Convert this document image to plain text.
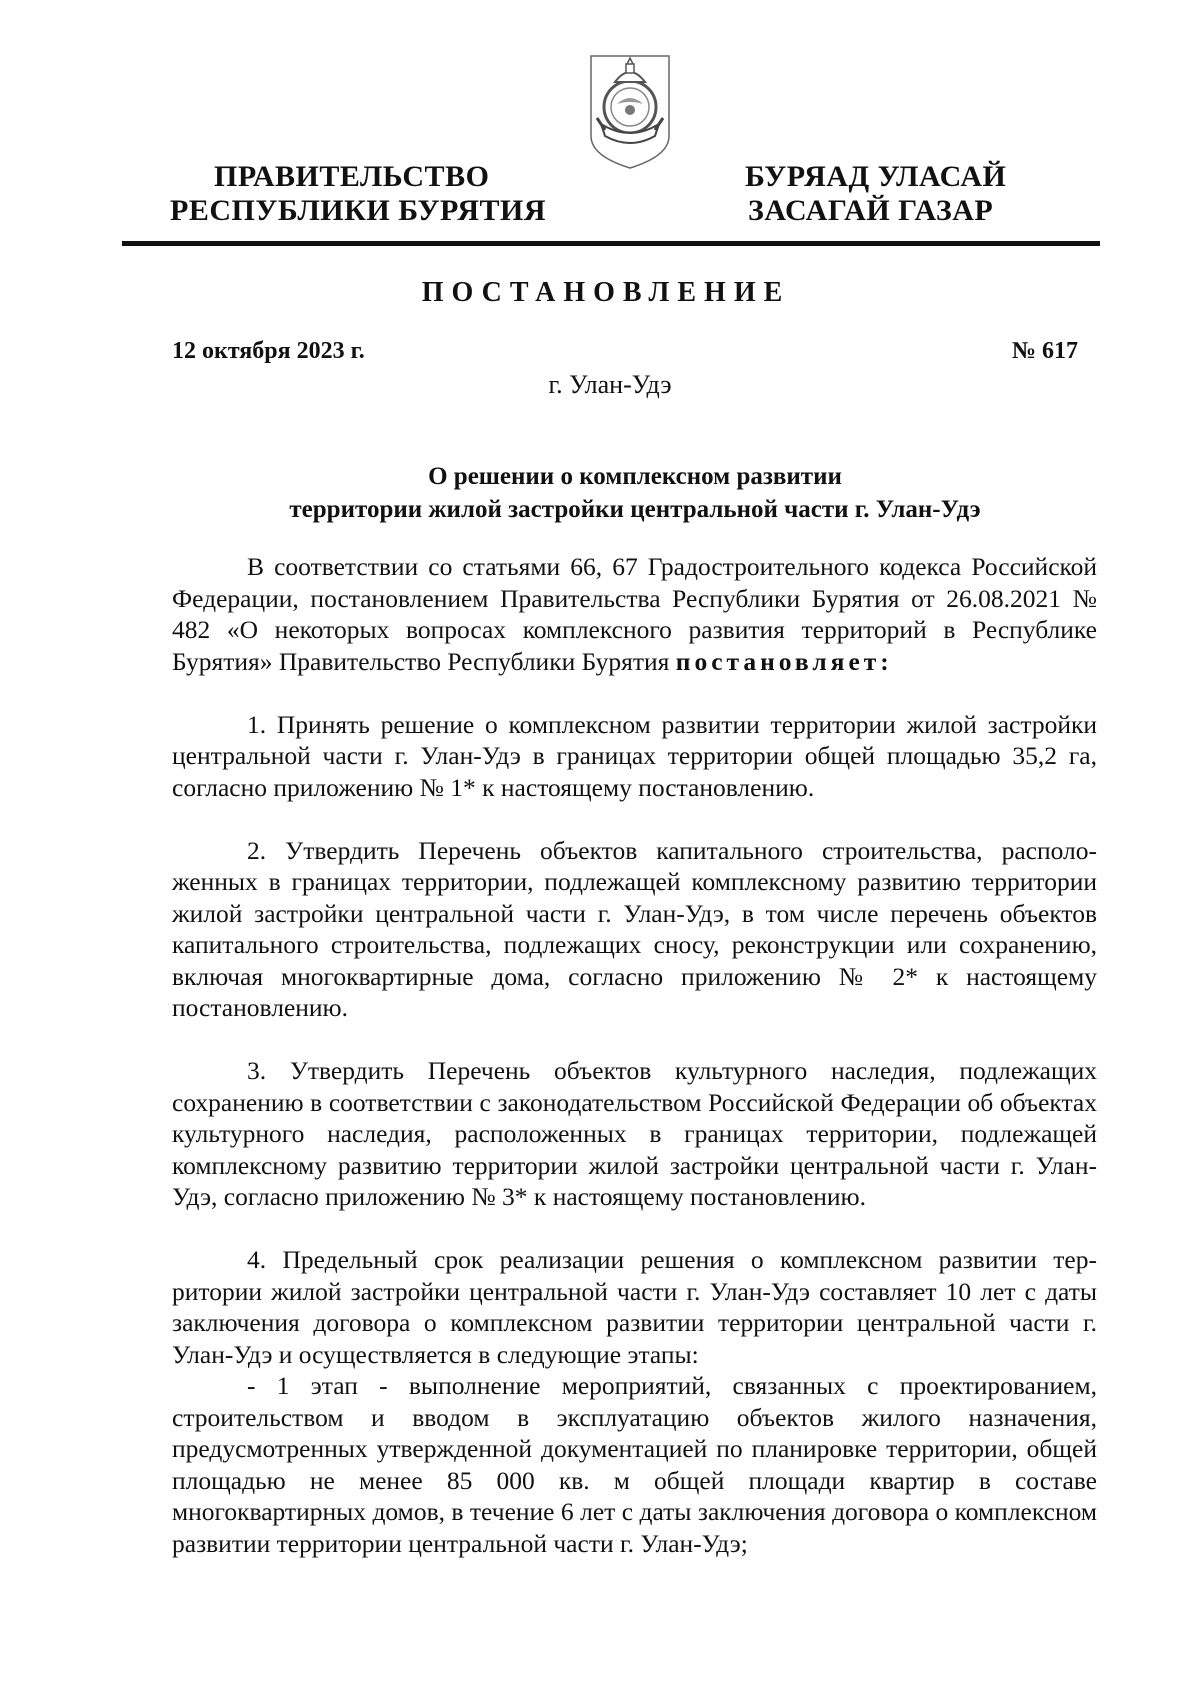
ПРАВИТЕЛЬСТВО

РЕСПУБЛИКИ БУРЯТИЯ

БУРЯАД УЛАСАЙ

ЗАСАГАЙ ГАЗАР

ПОСТАНОВЛЕНИЕ
12 октября 2023 г.	№ 617
г. Улан-Удэ

О решении о комплексном развитии

территории жилой застройки центральной части г. Улан-Удэ

В соответствии со статьями 66, 67 Градостроительного кодекса Российской Федерации, постановлением Правительства Республики Бурятия от 26.08.2021 № 482 «О некоторых вопросах комплексного развития территорий в Республике Бурятия» Правительство Республики Бурятия постановляет:

1. Принять решение о комплексном развитии территории жилой застройки центральной части г. Улан-Удэ в границах территории общей площадью 35,2 га, согласно приложению № 1* к настоящему постановлению.

2. Утвердить Перечень объектов капитального строительства, расположенных в границах территории, подлежащей комплексному развитию территории жилой застройки центральной части г. Улан-Удэ, в том числе перечень объектов капитального строительства, подлежащих сносу, реконструкции или сохранению, включая многоквартирные дома, согласно приложению № 2* к настоящему постановлению.

3. Утвердить Перечень объектов культурного наследия, подлежащих сохранению в соответствии с законодательством Российской Федерации об объектах культурного наследия, расположенных в границах территории, подлежащей комплексному развитию территории жилой застройки центральной части г. Улан-Удэ, согласно приложению № 3* к настоящему постановлению.

4. Предельный срок реализации решения о комплексном развитии территории жилой застройки центральной части г. Улан-Удэ составляет 10 лет с даты заключения договора о комплексном развитии территории центральной части г. Улан-Удэ и осуществляется в следующие этапы:

- 1 этап - выполнение мероприятий, связанных с проектированием, строительством и вводом в эксплуатацию объектов жилого назначения, предусмотренных утвержденной документацией по планировке территории, общей площадью не менее 85 000 кв. м общей площади квартир в составе многоквартирных домов, в течение 6 лет с даты заключения договора о комплексном развитии территории центральной части г. Улан-Удэ;
